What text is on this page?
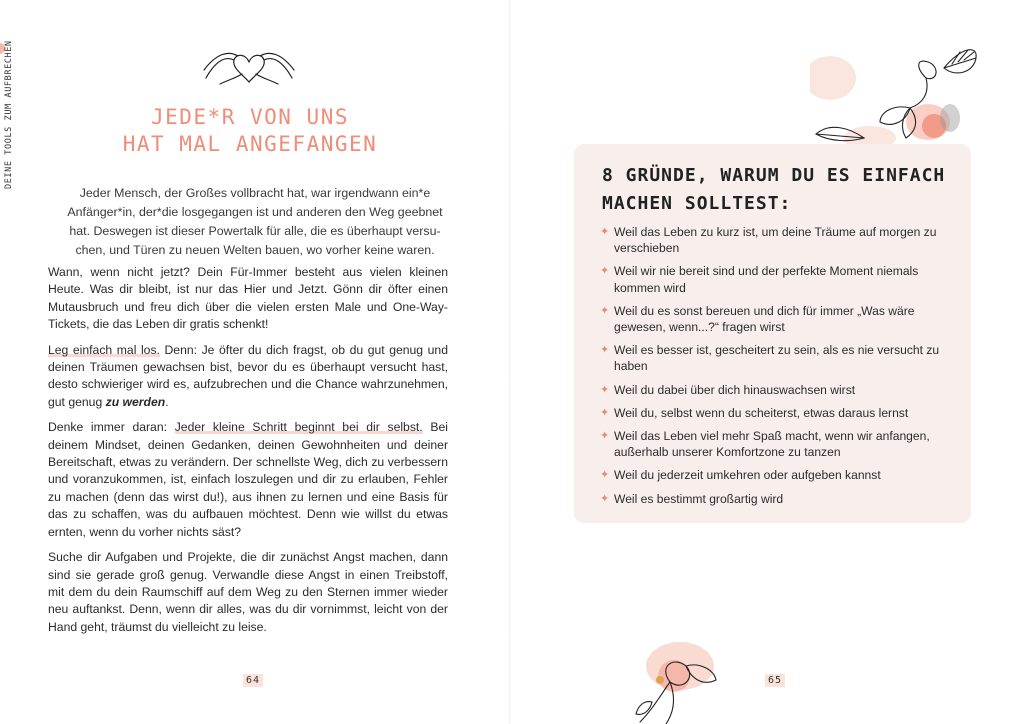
DEINE TOOLS ZUM AUFBRECHEN	JEDE*R VON UNS
HAT MAL ANGEFANGEN
Jeder Mensch, der Großes vollbracht hat, war irgendwann ein*e Anfänger*in, der*die losgegangen ist und anderen den Weg geebnet hat. Deswegen ist dieser Powertalk für alle, die es überhaupt versuchen, und Türen zu neuen Welten bauen, wo vorher keine waren.

Wann, wenn nicht jetzt? Dein Für-Immer besteht aus vielen kleinen Heute. Was dir bleibt, ist nur das Hier und Jetzt. Gönn dir öfter einen Mutausbruch und freu dich über die vielen ersten Male und One-Way-Tickets, die das Leben dir gratis schenkt!

Leg einfach mal los. Denn: Je öfter du dich fragst, ob du gut genug und deinen Träumen gewachsen bist, bevor du es überhaupt versucht hast, desto schwieriger wird es, aufzubrechen und die Chance wahrzunehmen, gut genug zu werden.

Denke immer daran: Jeder kleine Schritt beginnt bei dir selbst. Bei deinem Mindset, deinen Gedanken, deinen Gewohnheiten und deiner Bereitschaft, etwas zu verändern. Der schnellste Weg, dich zu verbessern und voranzukommen, ist, einfach loszulegen und dir zu erlauben, Fehler zu machen (denn das wirst du!), aus ihnen zu lernen und eine Basis für das zu schaffen, was du aufbauen möchtest. Denn wie willst du etwas ernten, wenn du vorher nichts säst?

Suche dir Aufgaben und Projekte, die dir zunächst Angst machen, dann sind sie gerade groß genug. Verwandle diese Angst in einen Treibstoff, mit dem du dein Raumschiff auf dem Weg zu den Sternen immer wieder neu auftankst. Denn, wenn dir alles, was du dir vornimmst, leicht von der Hand geht, träumst du vielleicht zu leise.

64
8 GRÜNDE, WARUM DU ES EINFACH MACHEN SOLLTEST:
✦ Weil das Leben zu kurz ist, um deine Träume auf morgen zu verschieben
✦ Weil wir nie bereit sind und der perfekte Moment niemals kommen wird
✦ Weil du es sonst bereuen und dich für immer „Was wäre gewesen, wenn...?“ fragen wirst
✦ Weil es besser ist, gescheitert zu sein, als es nie versucht zu haben
✦ Weil du dabei über dich hinauswachsen wirst
✦ Weil du, selbst wenn du scheiterst, etwas daraus lernst
✦ Weil das Leben viel mehr Spaß macht, wenn wir anfangen, außerhalb unserer Komfortzone zu tanzen
✦ Weil du jederzeit umkehren oder aufgeben kannst
✦ Weil es bestimmt großartig wird
65
